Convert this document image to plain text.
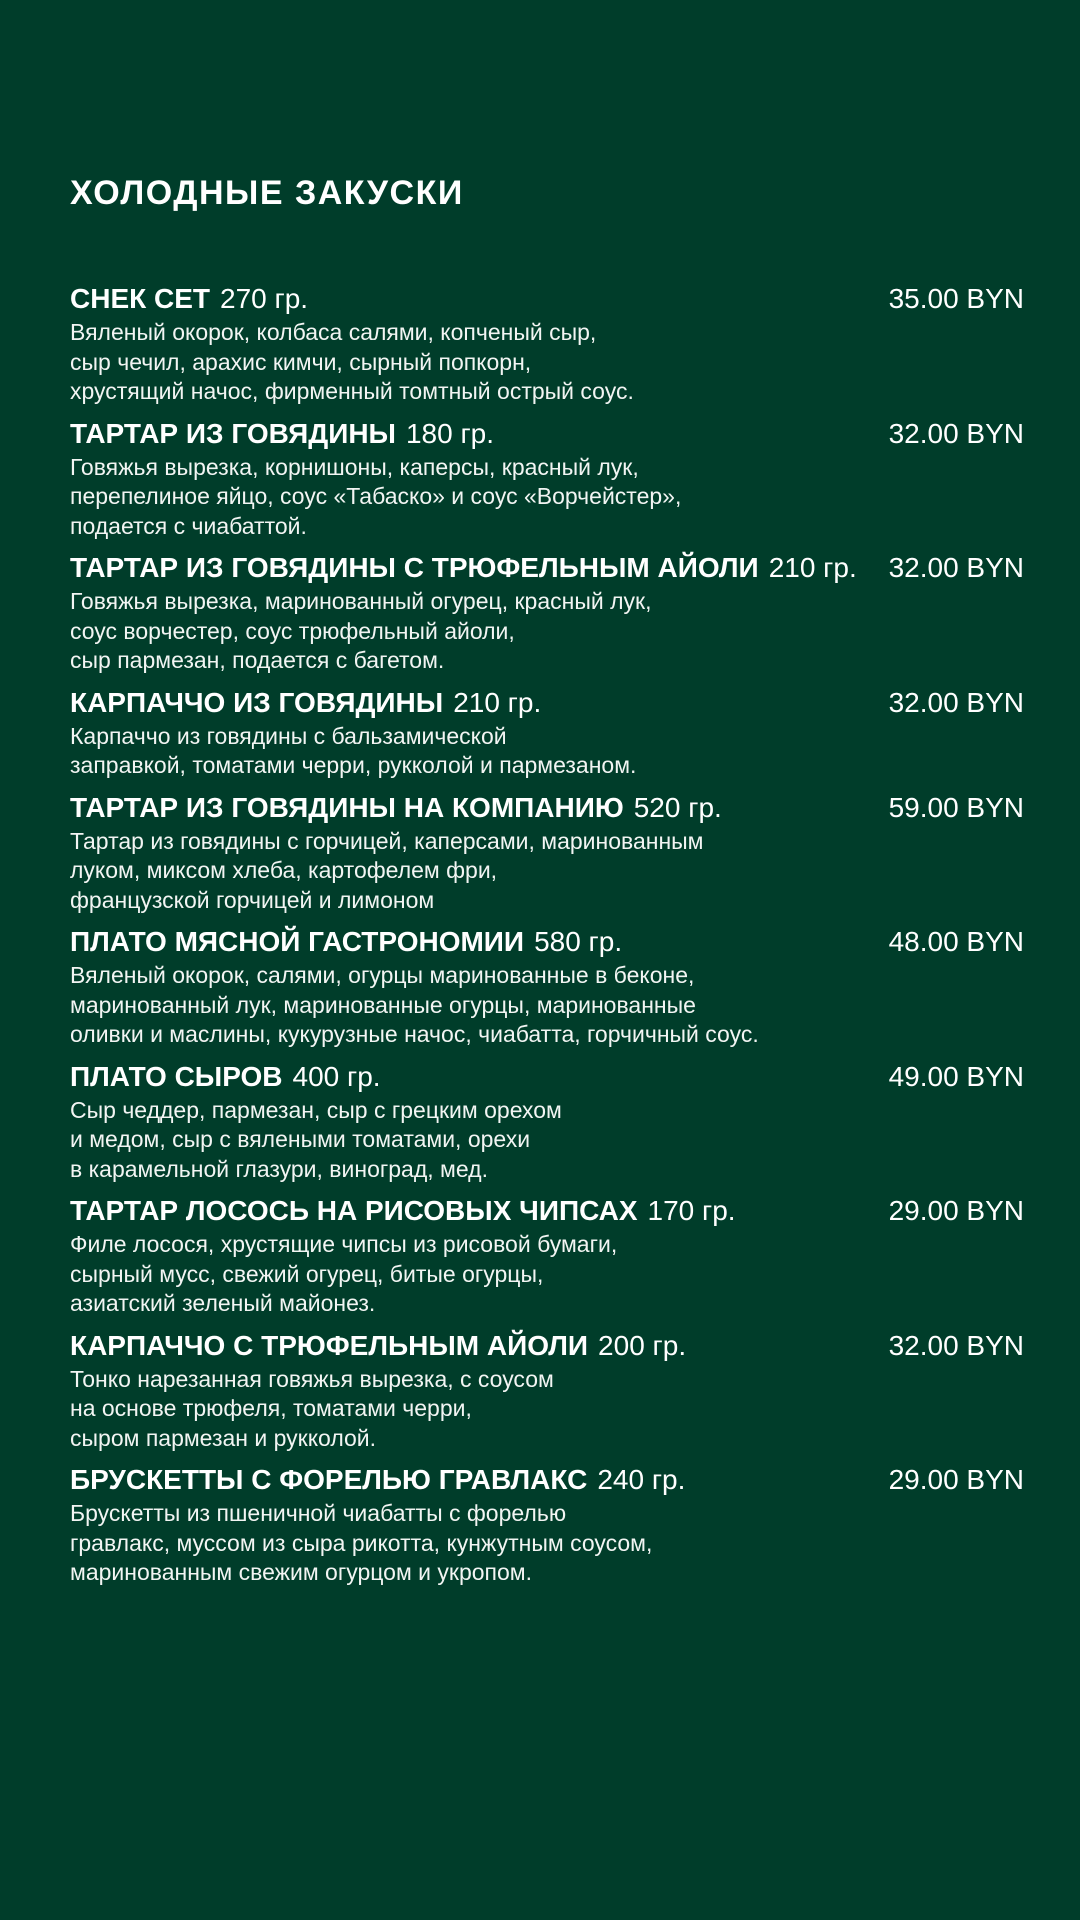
ХОЛОДНЫЕ ЗАКУСКИ
СНЕК СЕТ 270 гр.	35.00 BYN
Вяленый окорок, колбаса салями, копченый сыр,
сыр чечил, арахис кимчи, сырный попкорн,
хрустящий начос, фирменный томтный острый соус.
ТАРТАР ИЗ ГОВЯДИНЫ 180 гр.	32.00 BYN
Говяжья вырезка, корнишоны, каперсы, красный лук,
перепелиное яйцо, соус «Табаско» и соус «Ворчейстер»,
подается с чиабаттой.
ТАРТАР ИЗ ГОВЯДИНЫ С ТРЮФЕЛЬНЫМ АЙОЛИ 210 гр.	32.00 BYN
Говяжья вырезка, маринованный огурец, красный лук,
соус ворчестер, соус трюфельный айоли,
сыр пармезан, подается с багетом.
КАРПАЧЧО ИЗ ГОВЯДИНЫ 210 гр.	32.00 BYN
Карпаччо из говядины с бальзамической
заправкой, томатами черри, рукколой и пармезаном.
ТАРТАР ИЗ ГОВЯДИНЫ НА КОМПАНИЮ 520 гр.	59.00 BYN
Тартар из говядины с горчицей, каперсами, маринованным
луком, миксом хлеба, картофелем фри,
французской горчицей и лимоном
ПЛАТО МЯСНОЙ ГАСТРОНОМИИ 580 гр.	48.00 BYN
Вяленый окорок, салями, огурцы маринованные в беконе,
маринованный лук, маринованные огурцы, маринованные
оливки и маслины, кукурузные начос, чиабатта, горчичный соус.
ПЛАТО СЫРОВ 400 гр.	49.00 BYN
Сыр чеддер, пармезан, сыр с грецким орехом
и медом, сыр с вялеными томатами, орехи
в карамельной глазури, виноград, мед.
ТАРТАР ЛОСОСЬ НА РИСОВЫХ ЧИПСАХ 170 гр.	29.00 BYN
Филе лосося, хрустящие чипсы из рисовой бумаги,
сырный мусс, свежий огурец, битые огурцы,
азиатский зеленый майонез.
КАРПАЧЧО С ТРЮФЕЛЬНЫМ АЙОЛИ 200 гр.	32.00 BYN
Тонко нарезанная говяжья вырезка, с соусом
на основе трюфеля, томатами черри,
сыром пармезан и рукколой.
БРУСКЕТТЫ С ФОРЕЛЬЮ ГРАВЛАКС 240 гр.	29.00 BYN
Брускетты из пшеничной чиабатты с форелью
гравлакс, муссом из сыра рикотта, кунжутным соусом,
маринованным свежим огурцом и укропом.
